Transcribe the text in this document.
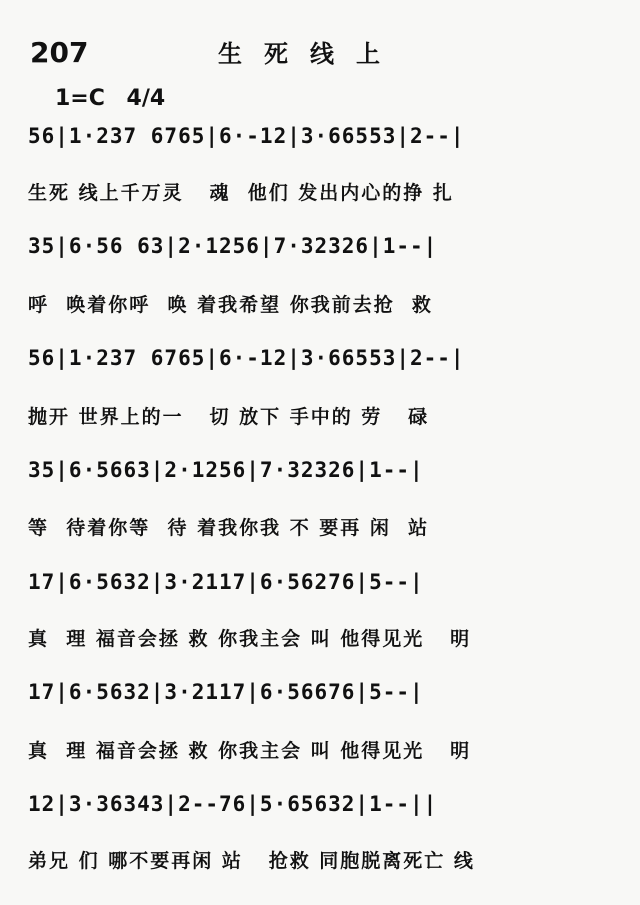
207	生死线上
1=C 4/4
56|1·237 6765|6·-12|3·66553|2--|
生死 线上千万灵   魂  他们 发出内心的挣 扎
35|6·56 63|2·1256|7·32326|1--|
呼  唤着你呼  唤 着我希望 你我前去抢  救
56|1·237 6765|6·-12|3·66553|2--|
抛开 世界上的一   切 放下 手中的 劳   碌
35|6·5663|2·1256|7·32326|1--|
等  待着你等  待 着我你我 不 要再 闲  站
17|6·5632|3·2117|6·56276|5--|
真  理 福音会拯 救 你我主会 叫 他得见光   明
17|6·5632|3·2117|6·56676|5--|
真  理 福音会拯 救 你我主会 叫 他得见光   明
12|3·36343|2--76|5·65632|1--||
弟兄 们 哪不要再闲 站   抢救 同胞脱离死亡 线
